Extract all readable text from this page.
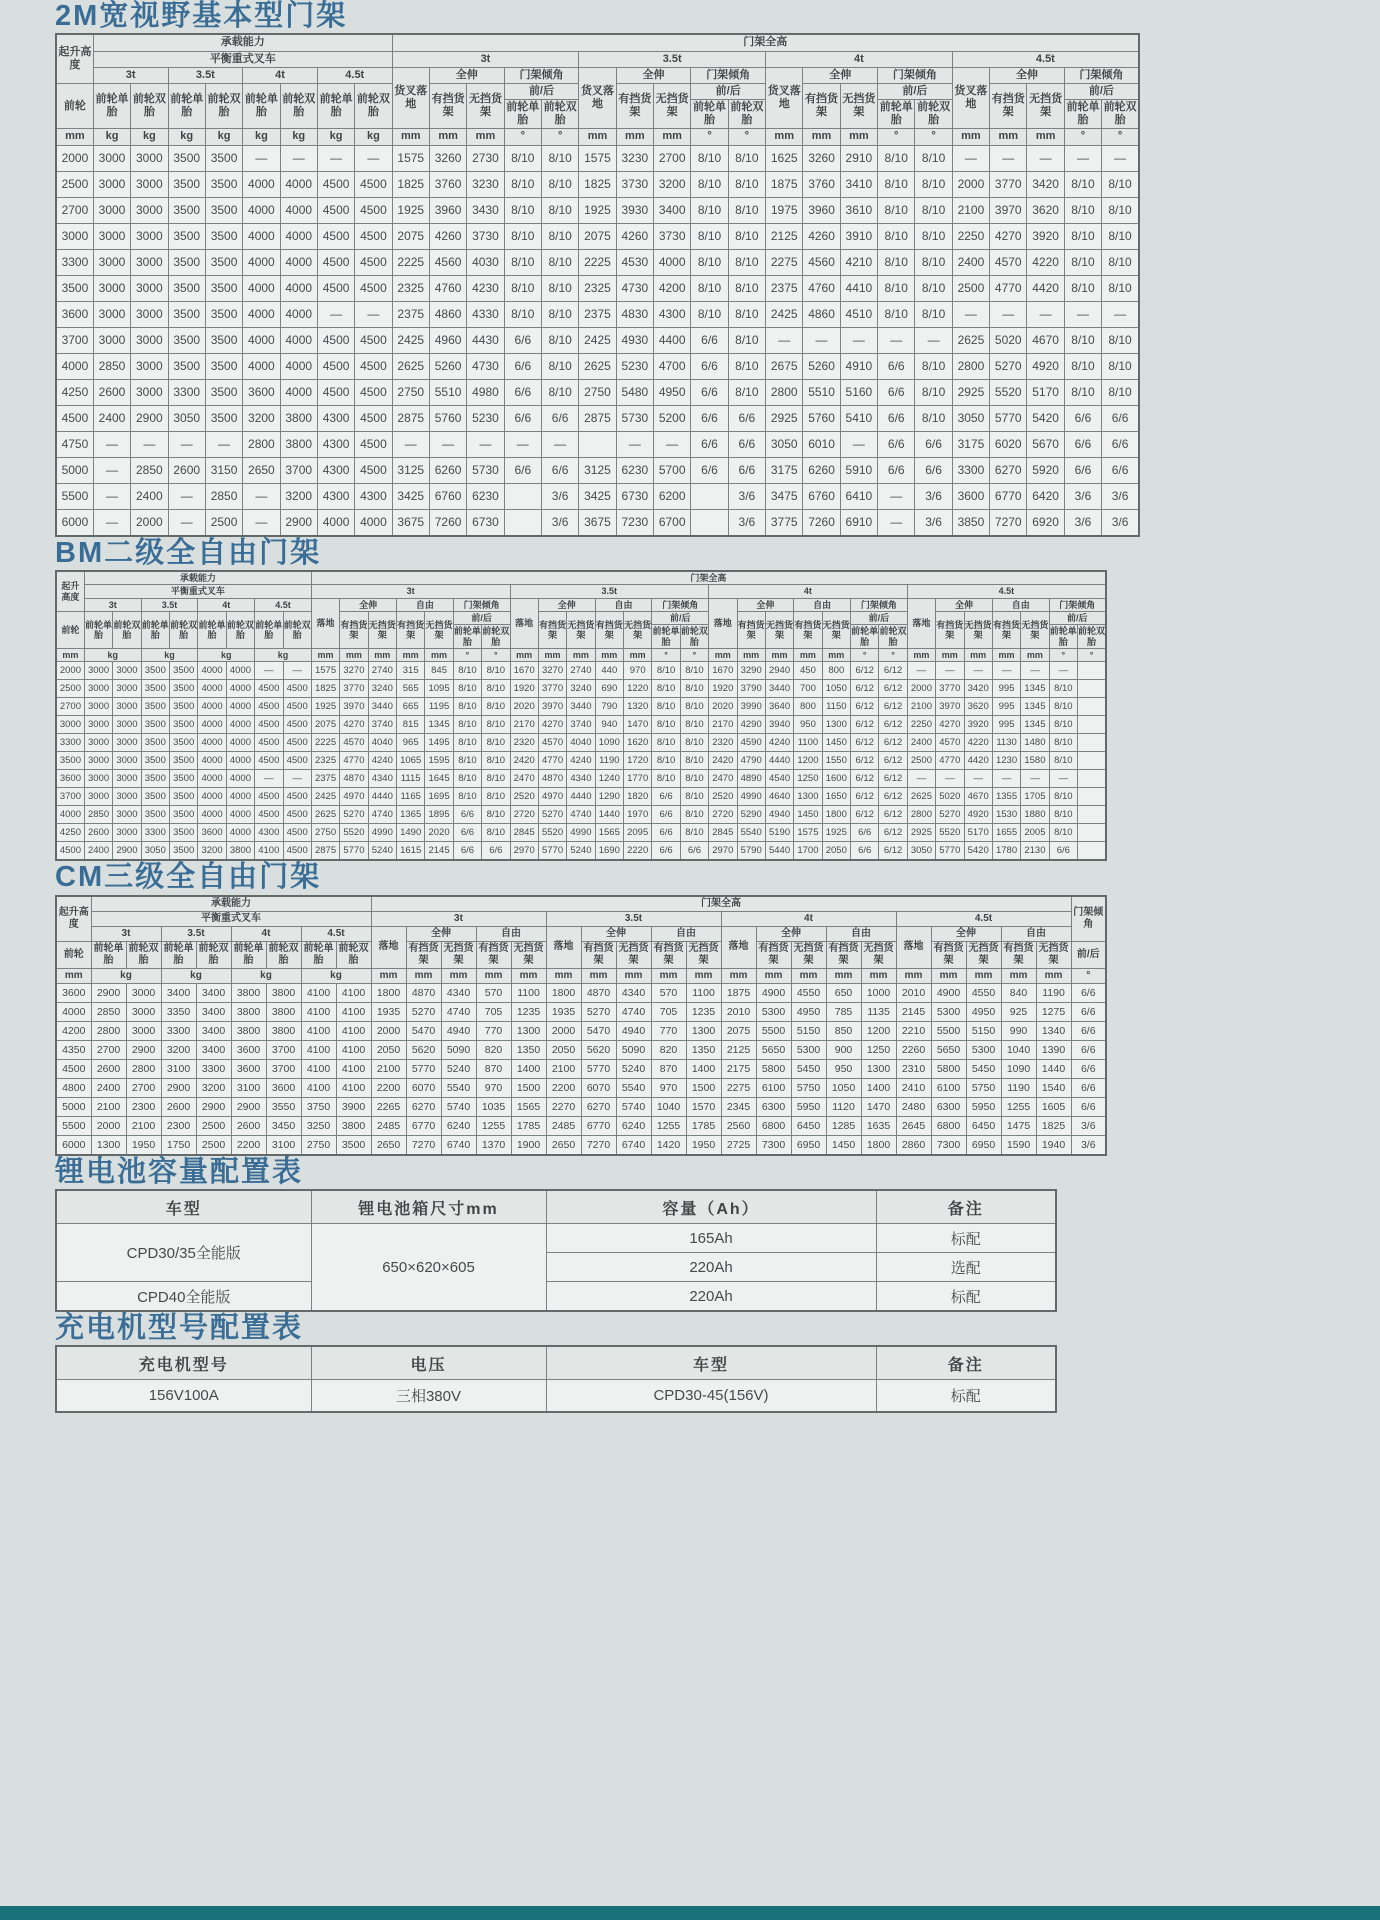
2M宽视野基本型门架
起升高度	承载能力								门架全高																			
	平衡重式叉车								3t					3.5t					4t					4.5t				
	3t		3.5t		4t		4.5t		货叉落地	全伸		门架倾角		货叉落地	全伸		门架倾角		货叉落地	全伸		门架倾角		货叉落地	全伸		门架倾角	
前轮	前轮单胎	前轮双胎	前轮单胎	前轮双胎	前轮单胎	前轮双胎	前轮单胎	前轮双胎		有挡货架	无挡货架	前/后			有挡货架	无挡货架	前/后			有挡货架	无挡货架	前/后			有挡货架	无挡货架	前/后	
												前轮单胎	前轮双胎				前轮单胎	前轮双胎				前轮单胎	前轮双胎				前轮单胎	前轮双胎
mm	kg	kg	kg	kg	kg	kg	kg	kg	mm	mm	mm	°	°	mm	mm	mm	°	°	mm	mm	mm	°	°	mm	mm	mm	°	°
2000	3000	3000	3500	3500	—	—	—	—	1575	3260	2730	8/10	8/10	1575	3230	2700	8/10	8/10	1625	3260	2910	8/10	8/10	—	—	—	—	—
2500	3000	3000	3500	3500	4000	4000	4500	4500	1825	3760	3230	8/10	8/10	1825	3730	3200	8/10	8/10	1875	3760	3410	8/10	8/10	2000	3770	3420	8/10	8/10
2700	3000	3000	3500	3500	4000	4000	4500	4500	1925	3960	3430	8/10	8/10	1925	3930	3400	8/10	8/10	1975	3960	3610	8/10	8/10	2100	3970	3620	8/10	8/10
3000	3000	3000	3500	3500	4000	4000	4500	4500	2075	4260	3730	8/10	8/10	2075	4260	3730	8/10	8/10	2125	4260	3910	8/10	8/10	2250	4270	3920	8/10	8/10
3300	3000	3000	3500	3500	4000	4000	4500	4500	2225	4560	4030	8/10	8/10	2225	4530	4000	8/10	8/10	2275	4560	4210	8/10	8/10	2400	4570	4220	8/10	8/10
3500	3000	3000	3500	3500	4000	4000	4500	4500	2325	4760	4230	8/10	8/10	2325	4730	4200	8/10	8/10	2375	4760	4410	8/10	8/10	2500	4770	4420	8/10	8/10
3600	3000	3000	3500	3500	4000	4000	—	—	2375	4860	4330	8/10	8/10	2375	4830	4300	8/10	8/10	2425	4860	4510	8/10	8/10	—	—	—	—	—
3700	3000	3000	3500	3500	4000	4000	4500	4500	2425	4960	4430	6/6	8/10	2425	4930	4400	6/6	8/10	—	—	—	—	—	2625	5020	4670	8/10	8/10
4000	2850	3000	3500	3500	4000	4000	4500	4500	2625	5260	4730	6/6	8/10	2625	5230	4700	6/6	8/10	2675	5260	4910	6/6	8/10	2800	5270	4920	8/10	8/10
4250	2600	3000	3300	3500	3600	4000	4500	4500	2750	5510	4980	6/6	8/10	2750	5480	4950	6/6	8/10	2800	5510	5160	6/6	8/10	2925	5520	5170	8/10	8/10
4500	2400	2900	3050	3500	3200	3800	4300	4500	2875	5760	5230	6/6	6/6	2875	5730	5200	6/6	6/6	2925	5760	5410	6/6	8/10	3050	5770	5420	6/6	6/6
4750	—	—	—	—	2800	3800	4300	4500	—	—	—	—	—		—	—	6/6	6/6	3050	6010	—	6/6	6/6	3175	6020	5670	6/6	6/6
5000	—	2850	2600	3150	2650	3700	4300	4500	3125	6260	5730	6/6	6/6	3125	6230	5700	6/6	6/6	3175	6260	5910	6/6	6/6	3300	6270	5920	6/6	6/6
5500	—	2400	—	2850	—	3200	4300	4300	3425	6760	6230		3/6	3425	6730	6200		3/6	3475	6760	6410	—	3/6	3600	6770	6420	3/6	3/6
6000	—	2000	—	2500	—	2900	4000	4000	3675	7260	6730		3/6	3675	7230	6700		3/6	3775	7260	6910	—	3/6	3850	7270	6920	3/6	3/6
BM二级全自由门架
起升高度	承载能力								门架全高																											
	平衡重式叉车								3t							3.5t							4t							4.5t						
	3t		3.5t		4t		4.5t		落地	全伸		自由		门架倾角		落地	全伸		自由		门架倾角		落地	全伸		自由		门架倾角		落地	全伸		自由		门架倾角	
前轮	前轮单胎	前轮双胎	前轮单胎	前轮双胎	前轮单胎	前轮双胎	前轮单胎	前轮双胎		有挡货架	无挡货架	有挡货架	无挡货架	前/后			有挡货架	无挡货架	有挡货架	无挡货架	前/后			有挡货架	无挡货架	有挡货架	无挡货架	前/后			有挡货架	无挡货架	有挡货架	无挡货架	前/后	
														前轮单胎	前轮双胎						前轮单胎	前轮双胎						前轮单胎	前轮双胎						前轮单胎	前轮双胎
mm	kg		kg		kg		kg		mm	mm	mm	mm	mm	°	°	mm	mm	mm	mm	mm	°	°	mm	mm	mm	mm	mm	°	°	mm	mm	mm	mm	mm	°	°
2000	3000	3000	3500	3500	4000	4000	—	—	1575	3270	2740	315	845	8/10	8/10	1670	3270	2740	440	970	8/10	8/10	1670	3290	2940	450	800	6/12	6/12	—	—	—	—	—	—	
2500	3000	3000	3500	3500	4000	4000	4500	4500	1825	3770	3240	565	1095	8/10	8/10	1920	3770	3240	690	1220	8/10	8/10	1920	3790	3440	700	1050	6/12	6/12	2000	3770	3420	995	1345	8/10	
2700	3000	3000	3500	3500	4000	4000	4500	4500	1925	3970	3440	665	1195	8/10	8/10	2020	3970	3440	790	1320	8/10	8/10	2020	3990	3640	800	1150	6/12	6/12	2100	3970	3620	995	1345	8/10	
3000	3000	3000	3500	3500	4000	4000	4500	4500	2075	4270	3740	815	1345	8/10	8/10	2170	4270	3740	940	1470	8/10	8/10	2170	4290	3940	950	1300	6/12	6/12	2250	4270	3920	995	1345	8/10	
3300	3000	3000	3500	3500	4000	4000	4500	4500	2225	4570	4040	965	1495	8/10	8/10	2320	4570	4040	1090	1620	8/10	8/10	2320	4590	4240	1100	1450	6/12	6/12	2400	4570	4220	1130	1480	8/10	
3500	3000	3000	3500	3500	4000	4000	4500	4500	2325	4770	4240	1065	1595	8/10	8/10	2420	4770	4240	1190	1720	8/10	8/10	2420	4790	4440	1200	1550	6/12	6/12	2500	4770	4420	1230	1580	8/10	
3600	3000	3000	3500	3500	4000	4000	—	—	2375	4870	4340	1115	1645	8/10	8/10	2470	4870	4340	1240	1770	8/10	8/10	2470	4890	4540	1250	1600	6/12	6/12	—	—	—	—	—	—	
3700	3000	3000	3500	3500	4000	4000	4500	4500	2425	4970	4440	1165	1695	8/10	8/10	2520	4970	4440	1290	1820	6/6	8/10	2520	4990	4640	1300	1650	6/12	6/12	2625	5020	4670	1355	1705	8/10	
4000	2850	3000	3500	3500	4000	4000	4500	4500	2625	5270	4740	1365	1895	6/6	8/10	2720	5270	4740	1440	1970	6/6	8/10	2720	5290	4940	1450	1800	6/12	6/12	2800	5270	4920	1530	1880	8/10	
4250	2600	3000	3300	3500	3600	4000	4300	4500	2750	5520	4990	1490	2020	6/6	8/10	2845	5520	4990	1565	2095	6/6	8/10	2845	5540	5190	1575	1925	6/6	6/12	2925	5520	5170	1655	2005	8/10	
4500	2400	2900	3050	3500	3200	3800	4100	4500	2875	5770	5240	1615	2145	6/6	6/6	2970	5770	5240	1690	2220	6/6	6/6	2970	5790	5440	1700	2050	6/6	6/12	3050	5770	5420	1780	2130	6/6	
CM三级全自由门架
起升高度	承载能力								门架全高																				门架倾角
	平衡重式叉车								3t					3.5t					4t					4.5t					
	3t		3.5t		4t		4.5t		落地	全伸		自由		落地	全伸		自由		落地	全伸		自由		落地	全伸		自由		
前轮	前轮单胎	前轮双胎	前轮单胎	前轮双胎	前轮单胎	前轮双胎	前轮单胎	前轮双胎		有挡货架	无挡货架	有挡货架	无挡货架		有挡货架	无挡货架	有挡货架	无挡货架		有挡货架	无挡货架	有挡货架	无挡货架		有挡货架	无挡货架	有挡货架	无挡货架	前/后
mm	kg		kg		kg		kg		mm	mm	mm	mm	mm	mm	mm	mm	mm	mm	mm	mm	mm	mm	mm	mm	mm	mm	mm	mm	°
3600	2900	3000	3400	3400	3800	3800	4100	4100	1800	4870	4340	570	1100	1800	4870	4340	570	1100	1875	4900	4550	650	1000	2010	4900	4550	840	1190	6/6
4000	2850	3000	3350	3400	3800	3800	4100	4100	1935	5270	4740	705	1235	1935	5270	4740	705	1235	2010	5300	4950	785	1135	2145	5300	4950	925	1275	6/6
4200	2800	3000	3300	3400	3800	3800	4100	4100	2000	5470	4940	770	1300	2000	5470	4940	770	1300	2075	5500	5150	850	1200	2210	5500	5150	990	1340	6/6
4350	2700	2900	3200	3400	3600	3700	4100	4100	2050	5620	5090	820	1350	2050	5620	5090	820	1350	2125	5650	5300	900	1250	2260	5650	5300	1040	1390	6/6
4500	2600	2800	3100	3300	3600	3700	4100	4100	2100	5770	5240	870	1400	2100	5770	5240	870	1400	2175	5800	5450	950	1300	2310	5800	5450	1090	1440	6/6
4800	2400	2700	2900	3200	3100	3600	4100	4100	2200	6070	5540	970	1500	2200	6070	5540	970	1500	2275	6100	5750	1050	1400	2410	6100	5750	1190	1540	6/6
5000	2100	2300	2600	2900	2900	3550	3750	3900	2265	6270	5740	1035	1565	2270	6270	5740	1040	1570	2345	6300	5950	1120	1470	2480	6300	5950	1255	1605	6/6
5500	2000	2100	2300	2500	2600	3450	3250	3800	2485	6770	6240	1255	1785	2485	6770	6240	1255	1785	2560	6800	6450	1285	1635	2645	6800	6450	1475	1825	3/6
6000	1300	1950	1750	2500	2200	3100	2750	3500	2650	7270	6740	1370	1900	2650	7270	6740	1420	1950	2725	7300	6950	1450	1800	2860	7300	6950	1590	1940	3/6
锂电池容量配置表
车型	锂电池箱尺寸mm	容量（Ah）	备注
CPD30/35全能版	650×620×605	165Ah	标配
		220Ah	选配
CPD40全能版		220Ah	标配
充电机型号配置表
充电机型号	电压	车型	备注
156V100A	三相380V	CPD30-45(156V)	标配
